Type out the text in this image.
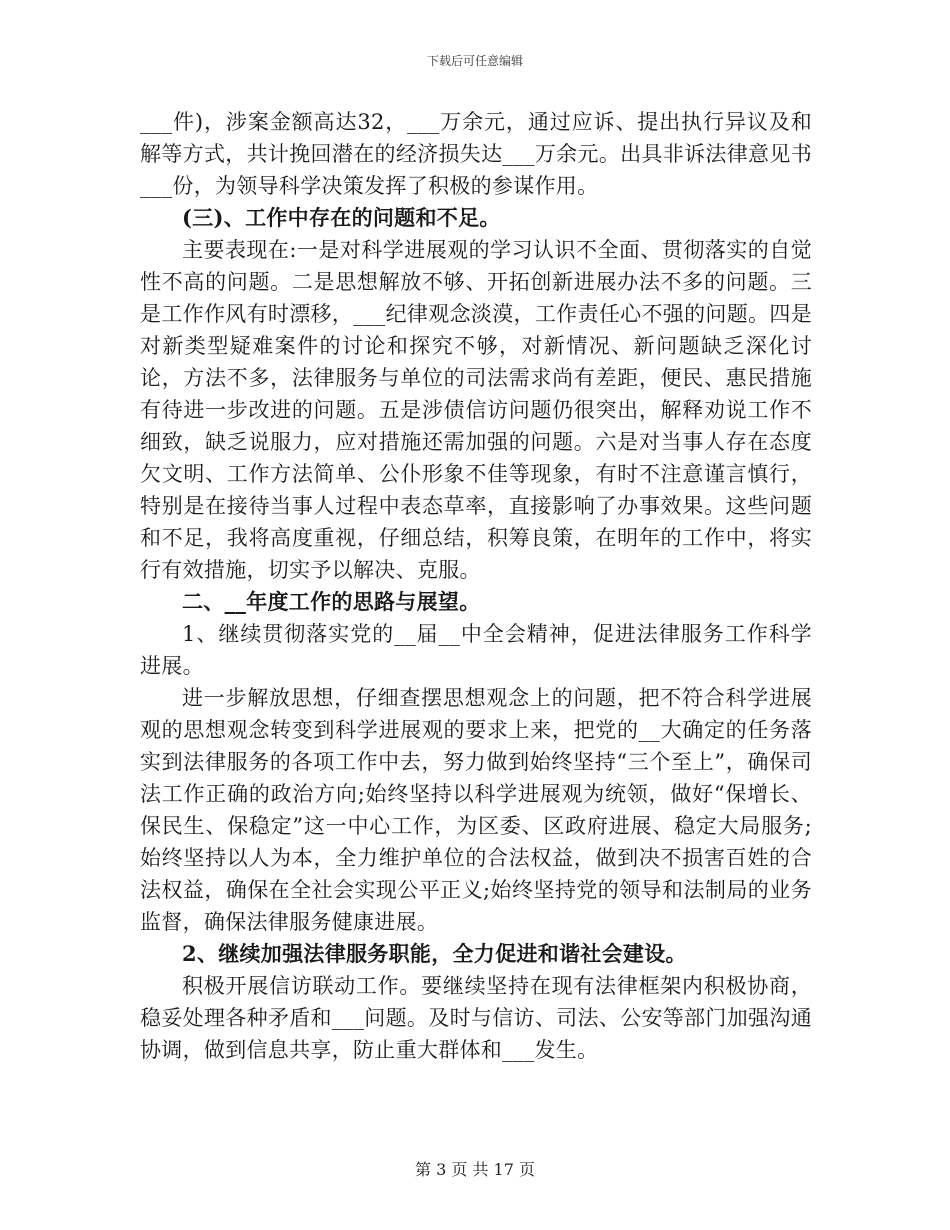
下载后可任意编辑

___件)，涉案金额高达32，___万余元，通过应诉、提出执行异议及和解等方式，共计挽回潜在的经济损失达___万余元。出具非诉法律意见书___份，为领导科学决策发挥了积极的参谋作用。

(三)、工作中存在的问题和不足。

主要表现在:一是对科学进展观的学习认识不全面、贯彻落实的自觉性不高的问题。二是思想解放不够、开拓创新进展办法不多的问题。三是工作作风有时漂移，___纪律观念淡漠，工作责任心不强的问题。四是对新类型疑难案件的讨论和探究不够，对新情况、新问题缺乏深化讨论，方法不多，法律服务与单位的司法需求尚有差距，便民、惠民措施有待进一步改进的问题。五是涉债信访问题仍很突出，解释劝说工作不细致，缺乏说服力，应对措施还需加强的问题。六是对当事人存在态度欠文明、工作方法简单、公仆形象不佳等现象，有时不注意谨言慎行，特别是在接待当事人过程中表态草率，直接影响了办事效果。这些问题和不足，我将高度重视，仔细总结，积筹良策，在明年的工作中，将实行有效措施，切实予以解决、克服。

二、__年度工作的思路与展望。

1、继续贯彻落实党的__届__中全会精神，促进法律服务工作科学进展。

进一步解放思想，仔细查摆思想观念上的问题，把不符合科学进展观的思想观念转变到科学进展观的要求上来，把党的__大确定的任务落实到法律服务的各项工作中去，努力做到始终坚持“三个至上”，确保司法工作正确的政治方向;始终坚持以科学进展观为统领，做好“保增长、保民生、保稳定”这一中心工作，为区委、区政府进展、稳定大局服务;始终坚持以人为本，全力维护单位的合法权益，做到决不损害百姓的合法权益，确保在全社会实现公平正义;始终坚持党的领导和法制局的业务监督，确保法律服务健康进展。

2、继续加强法律服务职能，全力促进和谐社会建设。

积极开展信访联动工作。要继续坚持在现有法律框架内积极协商，稳妥处理各种矛盾和___问题。及时与信访、司法、公安等部门加强沟通协调，做到信息共享，防止重大群体和___发生。

第 3 页 共 17 页
